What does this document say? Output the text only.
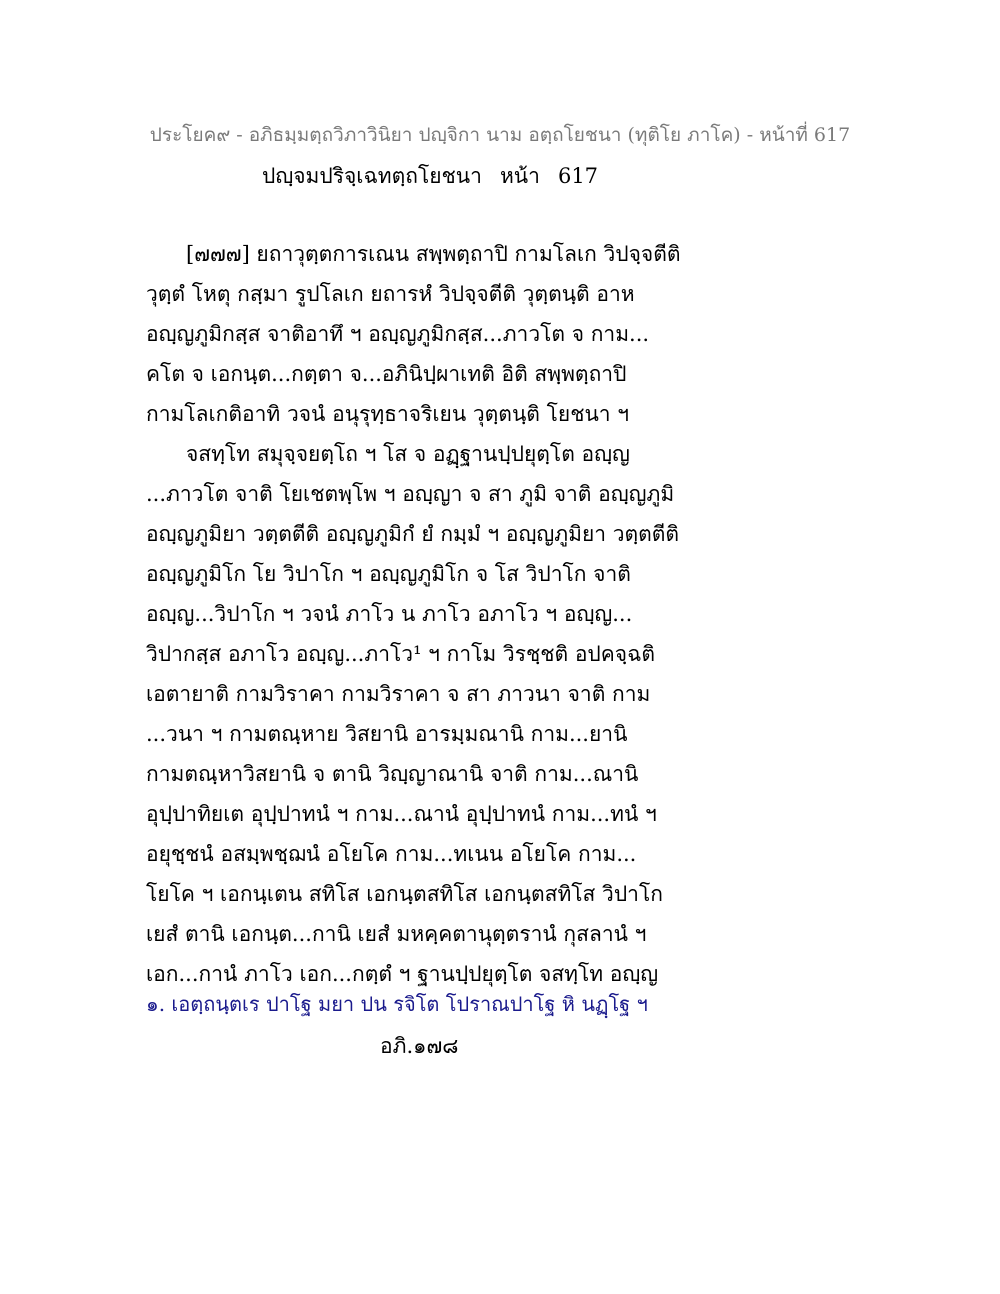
ประโยค๙ - อภิธมฺมตฺถวิภาวินิยา ปญฺจิกา นาม อตฺถโยชนา (ทุติโย ภาโค) - หน้าที่ 617
ปญฺจมปริจฺเฉทตฺถโยชนา หน้า 617
[๗๗๗] ยถาวุตฺตการเณน สพฺพตฺถาปิ กามโลเก วิปจฺจตีติ
วุตฺตํ โหตุ กสฺมา รูปโลเก ยถารหํ วิปจฺจตีติ วุตฺตนฺติ อาห
อญฺญภูมิกสฺส จาติอาทึ ฯ อญฺญภูมิกสฺส...ภาวโต จ กาม...
คโต จ เอกนฺต...กตฺตา จ...อภินิปฺผาเทติ อิติ สพฺพตฺถาปิ
กามโลเกติอาทิ วจนํ อนุรุทฺธาจริเยน วุตฺตนฺติ โยชนา ฯ
จสทฺโท สมุจฺจยตฺโถ ฯ โส จ อฏฺฐานปฺปยุตฺโต อญฺญ
...ภาวโต จาติ โยเชตพฺโพ ฯ อญฺญา จ สา ภูมิ จาติ อญฺญภูมิ
อญฺญภูมิยา วตฺตตีติ อญฺญภูมิกํ ยํ กมฺมํ ฯ อญฺญภูมิยา วตฺตตีติ
อญฺญภูมิโก โย วิปาโก ฯ อญฺญภูมิโก จ โส วิปาโก จาติ
อญฺญ...วิปาโก ฯ วจนํ ภาโว น ภาโว อภาโว ฯ อญฺญ...
วิปากสฺส อภาโว อญฺญ...ภาโว¹ ฯ กาโม วิรชฺชติ อปคจฺฉติ
เอตายาติ กามวิราคา กามวิราคา จ สา ภาวนา จาติ กาม
...วนา ฯ กามตณฺหาย วิสยานิ อารมฺมณานิ กาม...ยานิ
กามตณฺหาวิสยานิ จ ตานิ วิญฺญาณานิ จาติ กาม...ณานิ
อุปฺปาทิยเต อุปฺปาทนํ ฯ กาม...ณานํ อุปฺปาทนํ กาม...ทนํ ฯ
อยุชฺชนํ อสมฺพชฺฌนํ อโยโค กาม...ทเนน อโยโค กาม...
โยโค ฯ เอกนฺเตน สทิโส เอกนฺตสทิโส เอกนฺตสทิโส วิปาโก
เยสํ ตานิ เอกนฺต...กานิ เยสํ มหคฺคตานุตฺตรานํ กุสลานํ ฯ
เอก...กานํ ภาโว เอก...กตฺตํ ฯ ฐานปฺปยุตฺโต จสทฺโท อญฺญ
๑. เอตฺถนฺตเร ปาโฐ มยา ปน รจิโต โปราณปาโฐ หิ นฏฺโฐ ฯ
อภิ.๑๗๘
